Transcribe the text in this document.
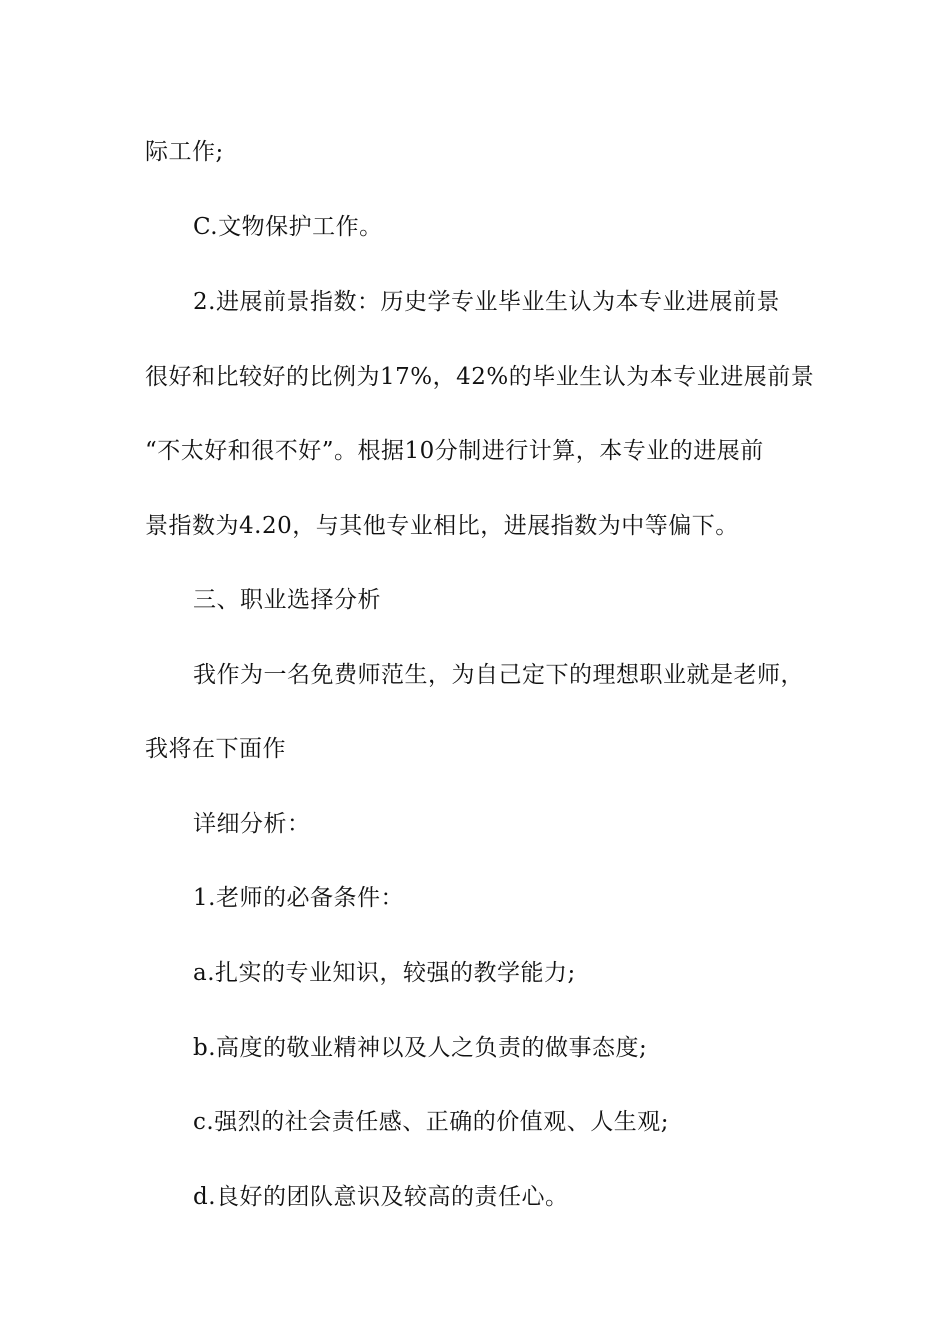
际工作;
C.文物保护工作。
2.进展前景指数：历史学专业毕业生认为本专业进展前景
很好和比较好的比例为17%，42%的毕业生认为本专业进展前景
“不太好和很不好”。根据10分制进行计算，本专业的进展前
景指数为4.20，与其他专业相比，进展指数为中等偏下。
三、职业选择分析
我作为一名免费师范生，为自己定下的理想职业就是老师，
我将在下面作
详细分析：
1.老师的必备条件：
a.扎实的专业知识，较强的教学能力;
b.高度的敬业精神以及人之负责的做事态度;
c.强烈的社会责任感、正确的价值观、人生观;
d.良好的团队意识及较高的责任心。
